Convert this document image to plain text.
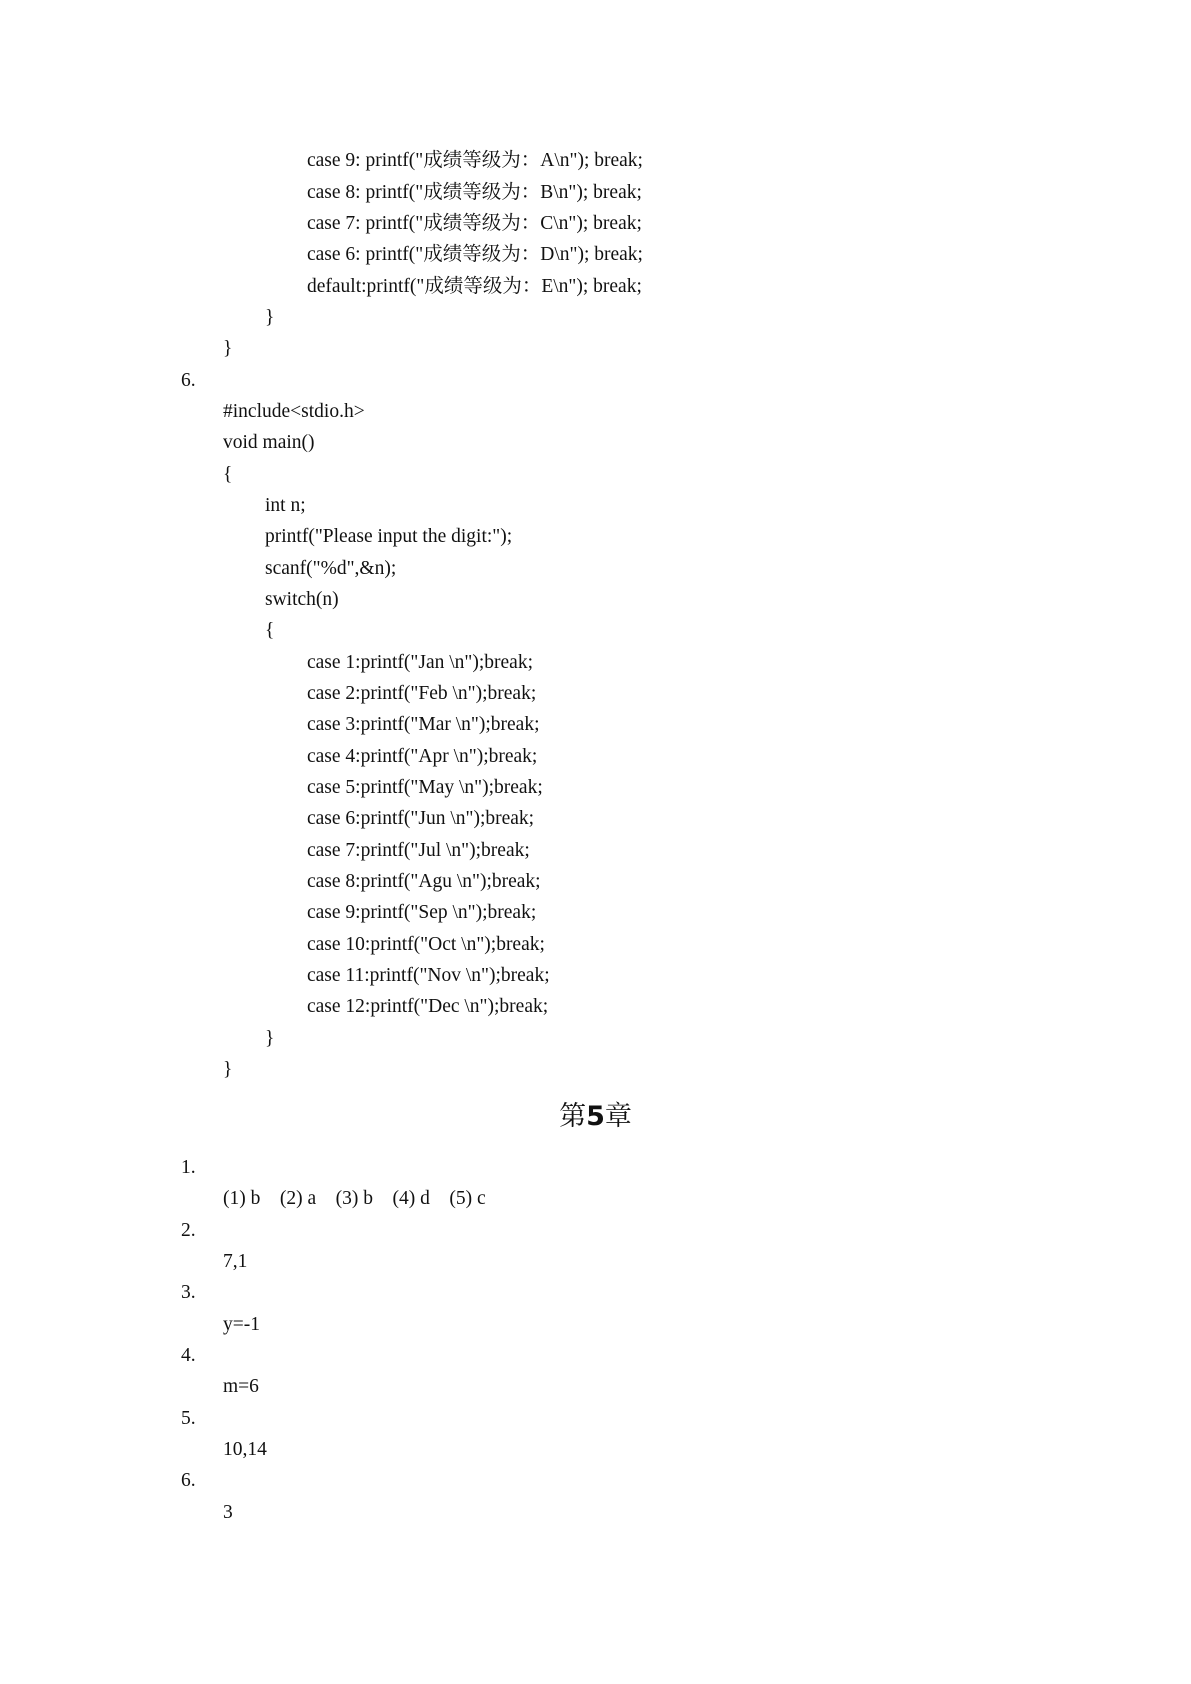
case 9: printf("成绩等级为：A\n"); break;
case 8: printf("成绩等级为：B\n"); break;
case 7: printf("成绩等级为：C\n"); break;
case 6: printf("成绩等级为：D\n"); break;
default:printf("成绩等级为：E\n"); break;
}
}
6.
#include<stdio.h>
void main()
{
int n;
printf("Please input the digit:");
scanf("%d",&n);
switch(n)
{
case 1:printf("Jan \n");break;
case 2:printf("Feb \n");break;
case 3:printf("Mar \n");break;
case 4:printf("Apr \n");break;
case 5:printf("May \n");break;
case 6:printf("Jun \n");break;
case 7:printf("Jul \n");break;
case 8:printf("Agu \n");break;
case 9:printf("Sep \n");break;
case 10:printf("Oct \n");break;
case 11:printf("Nov \n");break;
case 12:printf("Dec \n");break;
}
}
第5章
1.
(1) b    (2) a    (3) b    (4) d    (5) c
2.
7,1
3.
y=-1
4.
m=6
5.
10,14
6.
3
